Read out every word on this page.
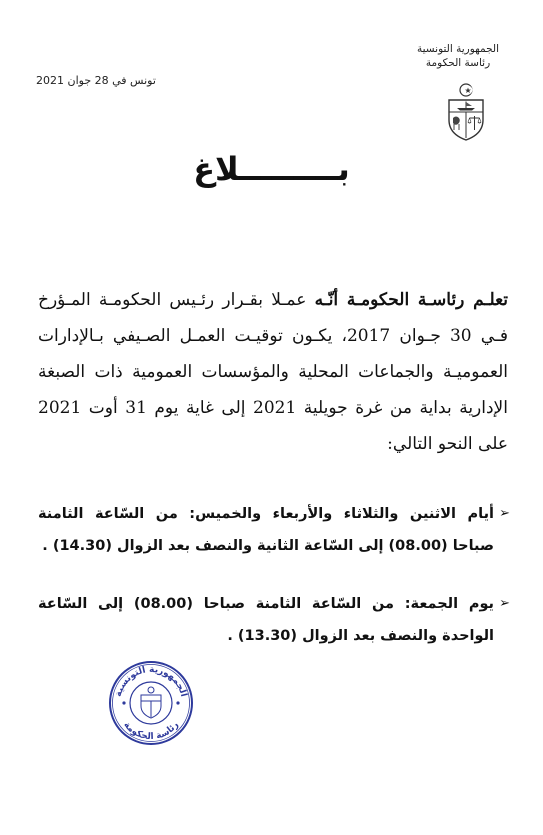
الجمهورية التونسية
رئاسة الحكومة
تونس في 28 جوان 2021
بـــــــــلاغ
تعلـم رئاسـة الحكومـة أنّـه عمـلا بقـرار رئـيس الحكومـة المـؤرخ فـي 30 جـوان 2017، يكـون توقيـت العمـل الصـيفي بـالإدارات العموميـة والجماعات المحلية والمؤسسات العمومية ذات الصبغة الإدارية بداية من غرة جويلية 2021 إلى غاية يوم 31 أوت 2021 على النحو التالي:
➢
أيام الاثنين والثلاثاء والأربعاء والخميس: من السّاعة الثامنة صباحا (08.00) إلى السّاعة الثانية والنصف بعد الزوال (14.30) .
➢
يوم الجمعة: من السّاعة الثامنة صباحا (08.00) إلى السّاعة الواحدة والنصف بعد الزوال (13.30) .
الجمهورية التونسية
رئاسة الحكومة
